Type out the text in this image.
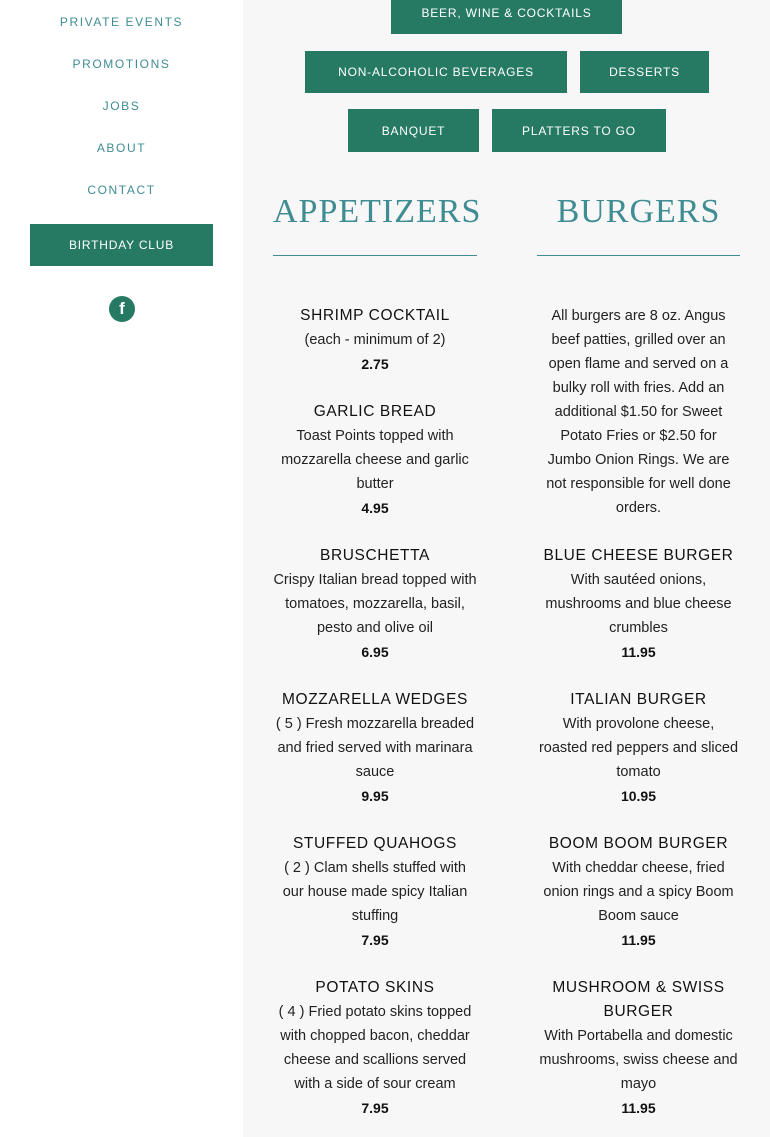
PRIVATE EVENTS
PROMOTIONS
JOBS
ABOUT
CONTACT
BIRTHDAY CLUB
f
BEER, WINE & COCKTAILS
NON-ALCOHOLIC BEVERAGES	DESSERTS
BANQUET	PLATTERS TO GO
APPETIZERS	BURGERS
SHRIMP COCKTAIL
(each - minimum of 2)
2.75
GARLIC BREAD
Toast Points topped with mozzarella cheese and garlic butter
4.95
BRUSCHETTA
Crispy Italian bread topped with tomatoes, mozzarella, basil, pesto and olive oil
6.95
MOZZARELLA WEDGES
( 5 ) Fresh mozzarella breaded and fried served with marinara sauce
9.95
STUFFED QUAHOGS
( 2 ) Clam shells stuffed with our house made spicy Italian stuffing
7.95
POTATO SKINS
( 4 ) Fried potato skins topped with chopped bacon, cheddar cheese and scallions served with a side of sour cream
7.95
All burgers are 8 oz. Angus beef patties, grilled over an open flame and served on a bulky roll with fries. Add an additional $1.50 for Sweet Potato Fries or $2.50 for Jumbo Onion Rings. We are not responsible for well done orders.
BLUE CHEESE BURGER
With sautéed onions, mushrooms and blue cheese crumbles
11.95
ITALIAN BURGER
With provolone cheese, roasted red peppers and sliced tomato
10.95
BOOM BOOM BURGER
With cheddar cheese, fried onion rings and a spicy Boom Boom sauce
11.95
MUSHROOM & SWISS BURGER
With Portabella and domestic mushrooms, swiss cheese and mayo
11.95
